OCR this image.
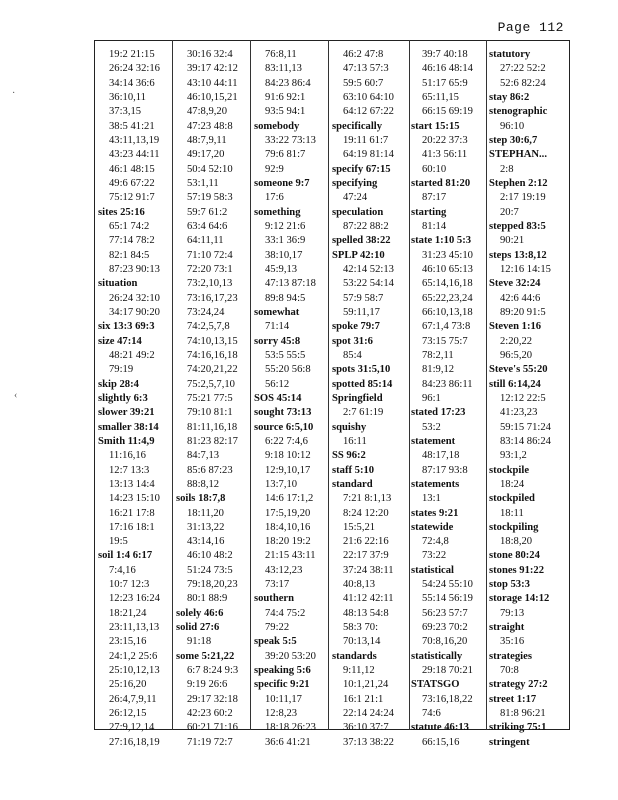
Page 112
19:2 21:15
26:24 32:16
34:14 36:6
36:10,11
37:3,15
38:5 41:21
43:11,13,19
43:23 44:11
46:1 48:15
49:6 67:22
75:12 91:7
sites 25:16
65:1 74:2
77:14 78:2
82:1 84:5
87:23 90:13
situation
26:24 32:10
34:17 90:20
six 13:3 69:3
size 47:14
48:21 49:2
79:19
skip 28:4
slightly 6:3
slower 39:21
smaller 38:14
Smith 11:4,9
11:16,16
12:7 13:3
13:13 14:4
14:23 15:10
16:21 17:8
17:16 18:1
19:5
soil 1:4 6:17
7:4,16
10:7 12:3
12:23 16:24
18:21,24
23:11,13,13
23:15,16
24:1,2 25:6
25:10,12,13
25:16,20
26:4,7,9,11
26:12,15
27:9,12,14
27:16,18,19
30:16 32:4
39:17 42:12
43:10 44:11
46:10,15,21
47:8,9,20
47:23 48:8
48:7,9,11
49:17,20
50:4 52:10
53:1,11
57:19 58:3
59:7 61:2
63:4 64:6
64:11,11
71:10 72:4
72:20 73:1
73:2,10,13
73:16,17,23
73:24,24
74:2,5,7,8
74:10,13,15
74:16,16,18
74:20,21,22
75:2,5,7,10
75:21 77:5
79:10 81:1
81:11,16,18
81:23 82:17
84:7,13
85:6 87:23
88:8,12
soils 18:7,8
18:11,20
31:13,22
43:14,16
46:10 48:2
51:24 73:5
79:18,20,23
80:1 88:9
solely 46:6
solid 27:6
91:18
some 5:21,22
6:7 8:24 9:3
9:19 26:6
29:17 32:18
42:23 60:2
60:21 71:16
71:19 72:7
76:8,11
83:11,13
84:23 86:4
91:6 92:1
93:5 94:1
somebody
33:22 73:13
79:6 81:7
92:9
someone 9:7
17:6
something
9:12 21:6
33:1 36:9
38:10,17
45:9,13
47:13 87:18
89:8 94:5
somewhat
71:14
sorry 45:8
53:5 55:5
55:20 56:8
56:12
SOS 45:14
sought 73:13
source 6:5,10
6:22 7:4,6
9:18 10:12
12:9,10,17
13:7,10
14:6 17:1,2
17:5,19,20
18:4,10,16
18:20 19:2
21:15 43:11
43:12,23
73:17
southern
74:4 75:2
79:22
speak 5:5
39:20 53:20
speaking 5:6
specific 9:21
10:11,17
12:8,23
18:18 26:23
36:6 41:21
46:2 47:8
47:13 57:3
59:5 60:7
63:10 64:10
64:12 67:22
specifically
19:11 61:7
64:19 81:14
specify 67:15
specifying
47:24
speculation
87:22 88:2
spelled 38:22
SPLP 42:10
42:14 52:13
53:22 54:14
57:9 58:7
59:11,17
spoke 79:7
spot 31:6
85:4
spots 31:5,10
spotted 85:14
Springfield
2:7 61:19
squishy
16:11
SS 96:2
staff 5:10
standard
7:21 8:1,13
8:24 12:20
15:5,21
21:6 22:16
22:17 37:9
37:24 38:11
40:8,13
41:12 42:11
48:13 54:8
58:3 70:
70:13,14
standards
9:11,12
10:1,21,24
16:1 21:1
22:14 24:24
36:10 37:7
37:13 38:22
39:7 40:18
46:16 48:14
51:17 65:9
65:11,15
66:15 69:19
start 15:15
20:22 37:3
41:3 56:11
60:10
started 81:20
87:17
starting
81:14
state 1:10 5:3
31:23 45:10
46:10 65:13
65:14,16,18
65:22,23,24
66:10,13,18
67:1,4 73:8
73:15 75:7
78:2,11
81:9,12
84:23 86:11
96:1
stated 17:23
53:2
statement
48:17,18
87:17 93:8
statements
13:1
states 9:21
statewide
72:4,8
73:22
statistical
54:24 55:10
55:14 56:19
56:23 57:7
69:23 70:2
70:8,16,20
statistically
29:18 70:21
STATSGO
73:16,18,22
74:6
statute 46:13
66:15,16
statutory
27:22 52:2
52:6 82:24
stay 86:2
stenographic
96:10
step 30:6,7
STEPHAN...
2:8
Stephen 2:12
2:17 19:19
20:7
stepped 83:5
90:21
steps 13:8,12
12:16 14:15
Steve 32:24
42:6 44:6
89:20 91:5
Steven 1:16
2:20,22
96:5,20
Steve's 55:20
still 6:14,24
12:12 22:5
41:23,23
59:15 71:24
83:14 86:24
93:1,2
stockpile
18:24
stockpiled
18:11
stockpiling
18:8,20
stone 80:24
stones 91:22
stop 53:3
storage 14:12
79:13
straight
35:16
strategies
70:8
strategy 27:2
street 1:17
81:8 96:21
striking 75:1
stringent
·
‹
